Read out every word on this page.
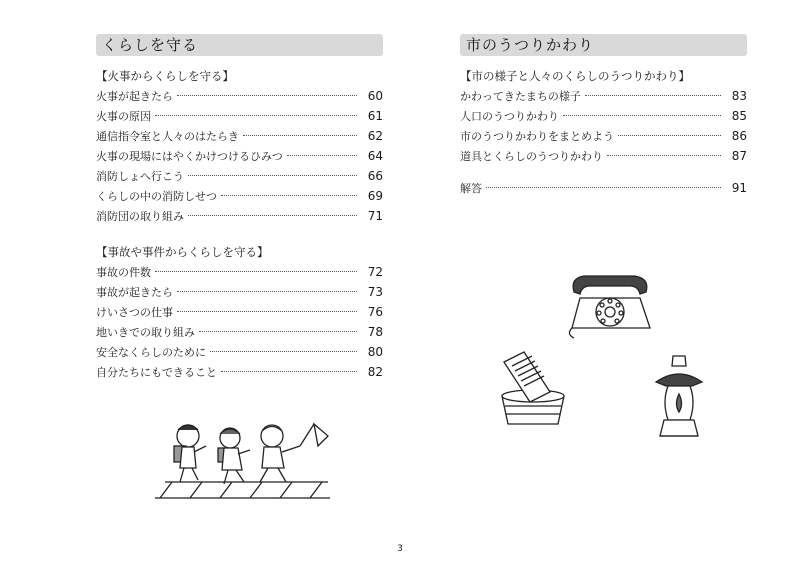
くらしを守る
【火事からくらしを守る】
火事が起きたら	60
火事の原因	61
通信指令室と人々のはたらき	62
火事の現場にはやくかけつけるひみつ	64
消防しょへ行こう	66
くらしの中の消防しせつ	69
消防団の取り組み	71
【事故や事件からくらしを守る】
事故の件数	72
事故が起きたら	73
けいさつの仕事	76
地いきでの取り組み	78
安全なくらしのために	80
自分たちにもできること	82
市のうつりかわり
【市の様子と人々のくらしのうつりかわり】
かわってきたまちの様子	83
人口のうつりかわり	85
市のうつりかわりをまとめよう	86
道具とくらしのうつりかわり	87
解答	91
3
